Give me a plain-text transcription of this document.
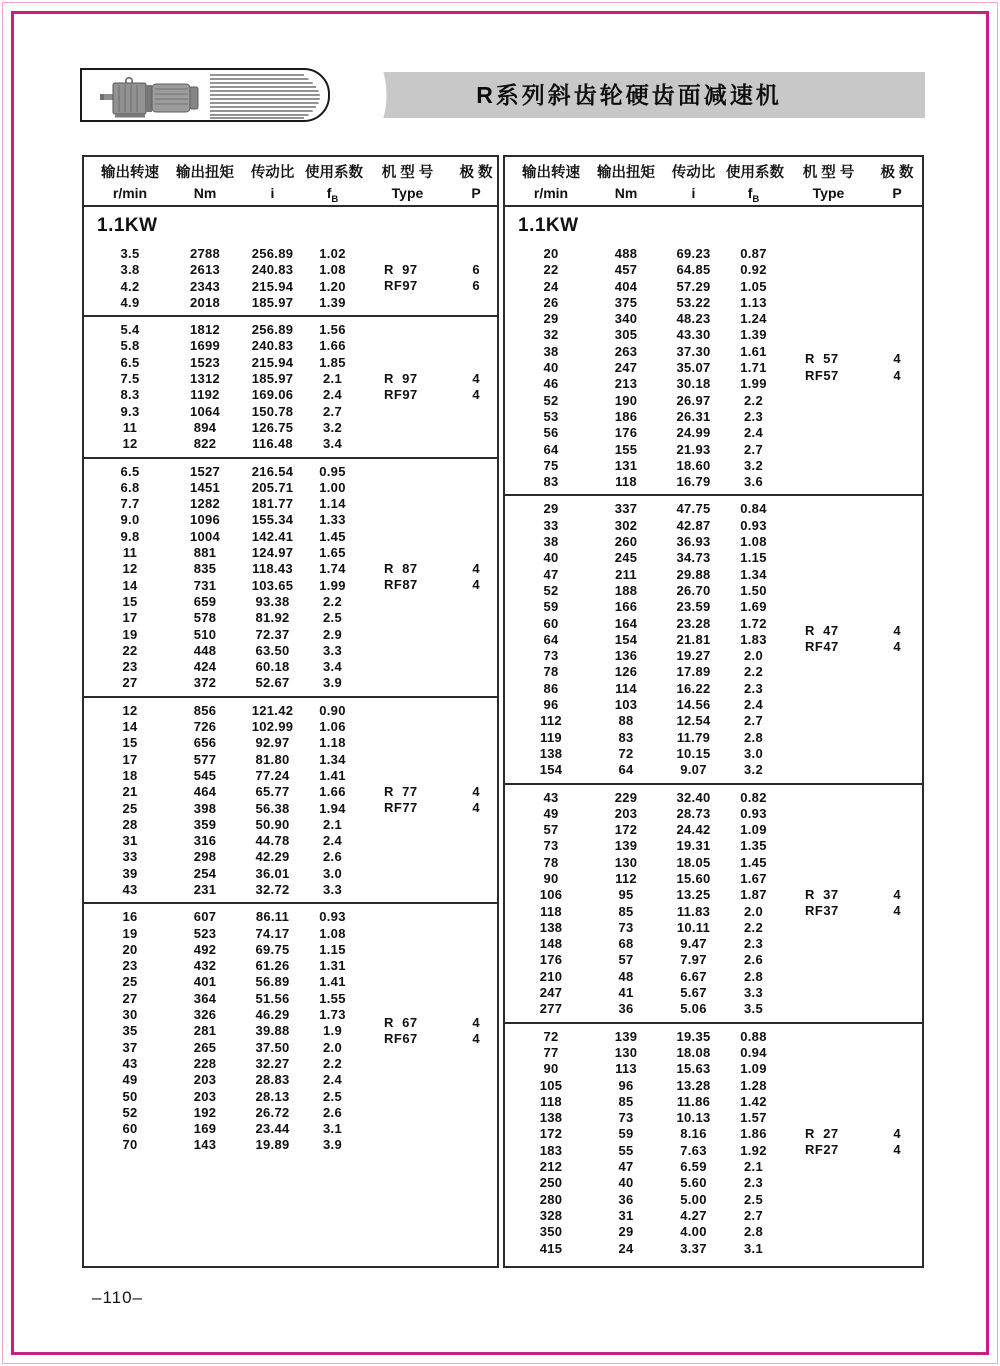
R系列斜齿轮硬齿面减速机
输出转速	输出扭矩	传动比 使用系数	机 型 号	极 数
r/min	Nm	i	$f_B$	Type	P
1.1KW
3.5	2788	256.89	1.02
3.8	2613	240.83	1.08
4.2	2343	215.94	1.20
4.9	2018	185.97	1.39
R  97	6
RF97	6
5.4	1812	256.89	1.56
5.8	1699	240.83	1.66
6.5	1523	215.94	1.85
7.5	1312	185.97	2.1
8.3	1192	169.06	2.4
9.3	1064	150.78	2.7
11	894	126.75	3.2
12	822	116.48	3.4
R  97	4
RF97	4
6.5	1527	216.54	0.95
6.8	1451	205.71	1.00
7.7	1282	181.77	1.14
9.0	1096	155.34	1.33
9.8	1004	142.41	1.45
11	881	124.97	1.65
12	835	118.43	1.74
14	731	103.65	1.99
15	659	93.38	2.2
17	578	81.92	2.5
19	510	72.37	2.9
22	448	63.50	3.3
23	424	60.18	3.4
27	372	52.67	3.9
R  87	4
RF87	4
12	856	121.42	0.90
14	726	102.99	1.06
15	656	92.97	1.18
17	577	81.80	1.34
18	545	77.24	1.41
21	464	65.77	1.66
25	398	56.38	1.94
28	359	50.90	2.1
31	316	44.78	2.4
33	298	42.29	2.6
39	254	36.01	3.0
43	231	32.72	3.3
R  77	4
RF77	4
16	607	86.11	0.93
19	523	74.17	1.08
20	492	69.75	1.15
23	432	61.26	1.31
25	401	56.89	1.41
27	364	51.56	1.55
30	326	46.29	1.73
35	281	39.88	1.9
37	265	37.50	2.0
43	228	32.27	2.2
49	203	28.83	2.4
50	203	28.13	2.5
52	192	26.72	2.6
60	169	23.44	3.1
70	143	19.89	3.9
R  67	4
RF67	4
输出转速	输出扭矩	传动比 使用系数	机 型 号	极 数
r/min	Nm	i	$f_B$	Type	P
1.1KW
20	488	69.23	0.87
22	457	64.85	0.92
24	404	57.29	1.05
26	375	53.22	1.13
29	340	48.23	1.24
32	305	43.30	1.39
38	263	37.30	1.61
40	247	35.07	1.71
46	213	30.18	1.99
52	190	26.97	2.2
53	186	26.31	2.3
56	176	24.99	2.4
64	155	21.93	2.7
75	131	18.60	3.2
83	118	16.79	3.6
R  57	4
RF57	4
29	337	47.75	0.84
33	302	42.87	0.93
38	260	36.93	1.08
40	245	34.73	1.15
47	211	29.88	1.34
52	188	26.70	1.50
59	166	23.59	1.69
60	164	23.28	1.72
64	154	21.81	1.83
73	136	19.27	2.0
78	126	17.89	2.2
86	114	16.22	2.3
96	103	14.56	2.4
112	88	12.54	2.7
119	83	11.79	2.8
138	72	10.15	3.0
154	64	9.07	3.2
R  47	4
RF47	4
43	229	32.40	0.82
49	203	28.73	0.93
57	172	24.42	1.09
73	139	19.31	1.35
78	130	18.05	1.45
90	112	15.60	1.67
106	95	13.25	1.87
118	85	11.83	2.0
138	73	10.11	2.2
148	68	9.47	2.3
176	57	7.97	2.6
210	48	6.67	2.8
247	41	5.67	3.3
277	36	5.06	3.5
R  37	4
RF37	4
72	139	19.35	0.88
77	130	18.08	0.94
90	113	15.63	1.09
105	96	13.28	1.28
118	85	11.86	1.42
138	73	10.13	1.57
172	59	8.16	1.86
183	55	7.63	1.92
212	47	6.59	2.1
250	40	5.60	2.3
280	36	5.00	2.5
328	31	4.27	2.7
350	29	4.00	2.8
415	24	3.37	3.1
R  27	4
RF27	4
–110–
